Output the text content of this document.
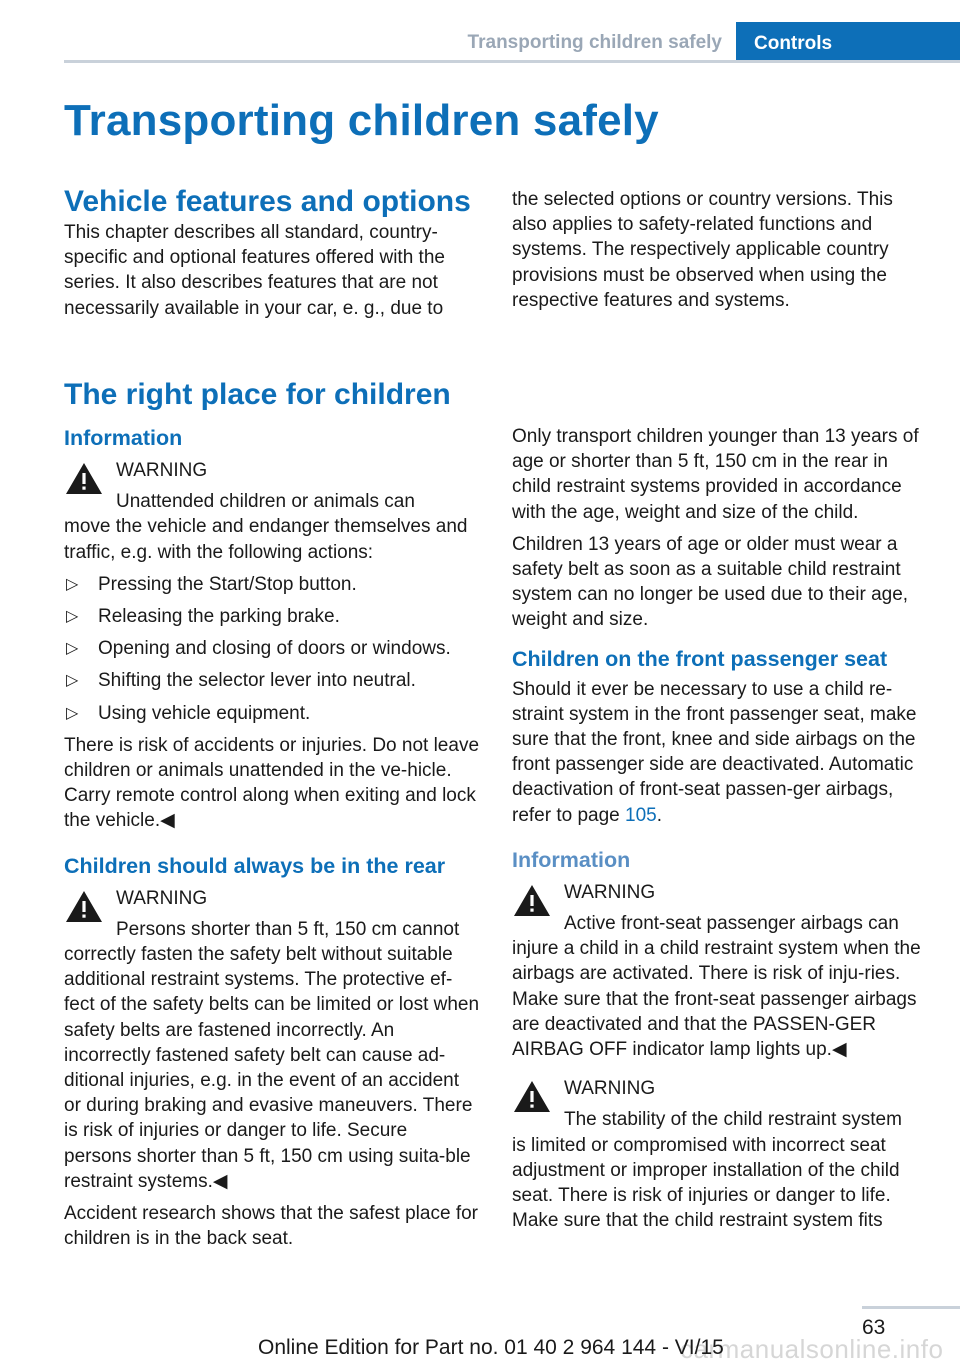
Transporting children safely	Controls
Transporting children safely
Vehicle features and options

This chapter describes all standard, country-specific and optional features offered with the series. It also describes features that are not necessarily available in your car, e. g., due to

the selected options or country versions. This also applies to safety-related functions and systems. The respectively applicable country provisions must be observed when using the respective features and systems.

The right place for children
Information
WARNING
Unattended children or animals can

move the vehicle and endanger themselves and traffic, e.g. with the following actions:

▷ Pressing the Start/Stop button.
▷ Releasing the parking brake.
▷ Opening and closing of doors or windows.
▷ Shifting the selector lever into neutral.
▷ Using vehicle equipment.

There is risk of accidents or injuries. Do not leave children or animals unattended in the ve-hicle. Carry remote control along when exiting and lock the vehicle.◀

Children should always be in the rear
WARNING
Persons shorter than 5 ft, 150 cm cannot

correctly fasten the safety belt without suitable additional restraint systems. The protective ef-fect of the safety belts can be limited or lost when safety belts are fastened incorrectly. An incorrectly fastened safety belt can cause ad-ditional injuries, e.g. in the event of an accident or during braking and evasive maneuvers. There is risk of injuries or danger to life. Secure persons shorter than 5 ft, 150 cm using suita-ble restraint systems.◀

Accident research shows that the safest place for children is in the back seat.

Only transport children younger than 13 years of age or shorter than 5 ft, 150 cm in the rear in child restraint systems provided in accordance with the age, weight and size of the child.

Children 13 years of age or older must wear a safety belt as soon as a suitable child restraint system can no longer be used due to their age, weight and size.

Children on the front passenger seat

Should it ever be necessary to use a child re-straint system in the front passenger seat, make sure that the front, knee and side airbags on the front passenger side are deactivated. Automatic deactivation of front-seat passen-ger airbags, refer to page 105.

Information
WARNING
Active front-seat passenger airbags can

injure a child in a child restraint system when the airbags are activated. There is risk of inju-ries. Make sure that the front-seat passenger airbags are deactivated and that the PASSEN-GER AIRBAG OFF indicator lamp lights up.◀

WARNING
The stability of the child restraint system

is limited or compromised with incorrect seat adjustment or improper installation of the child seat. There is risk of injuries or danger to life. Make sure that the child restraint system fits

63
carmanualsonline.info
Online Edition for Part no. 01 40 2 964 144 - VI/15
